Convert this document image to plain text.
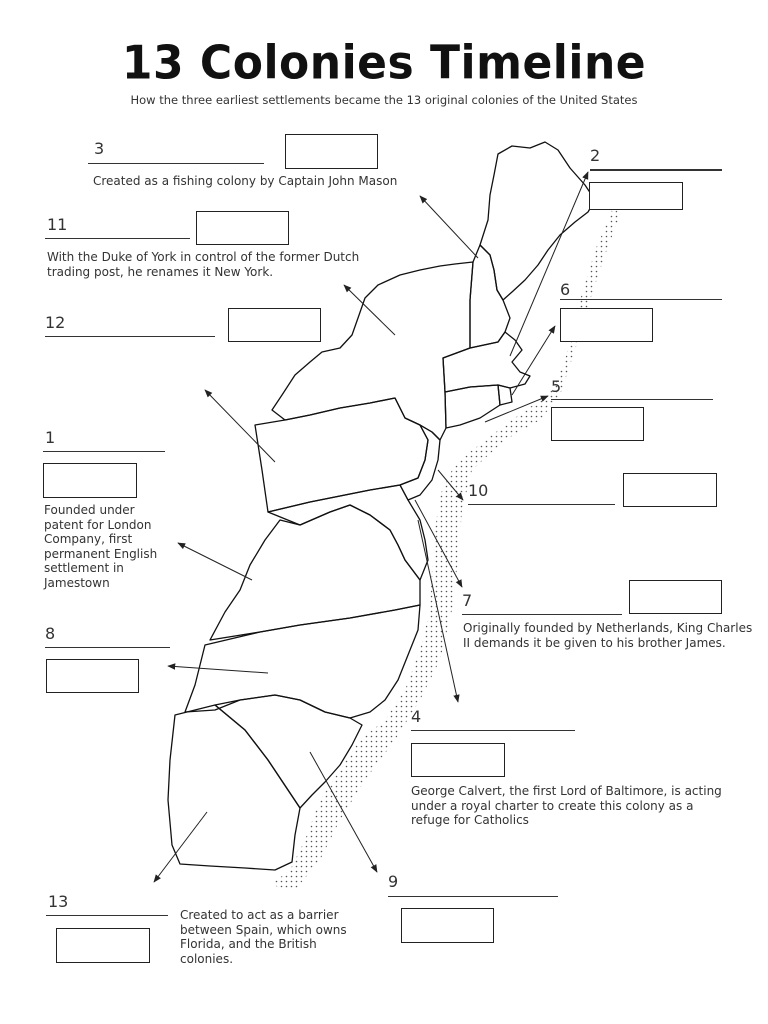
13 Colonies Timeline
How the three earliest settlements became the 13 original colonies of the United States
3
Created as a fishing colony by Captain John Mason
2
11
With the Duke of York in control of the former Dutch trading post, he renames it New York.
6
12
5
1
Founded under patent for London Company, first permanent English settlement in Jamestown
10
7
Originally founded by Netherlands, King Charles II demands it be given to his brother James.
8
4
George Calvert, the first Lord of Baltimore, is acting under a royal charter to create this colony as a refuge for Catholics
9
13
Created to act as a barrier between Spain, which owns Florida, and the British colonies.
